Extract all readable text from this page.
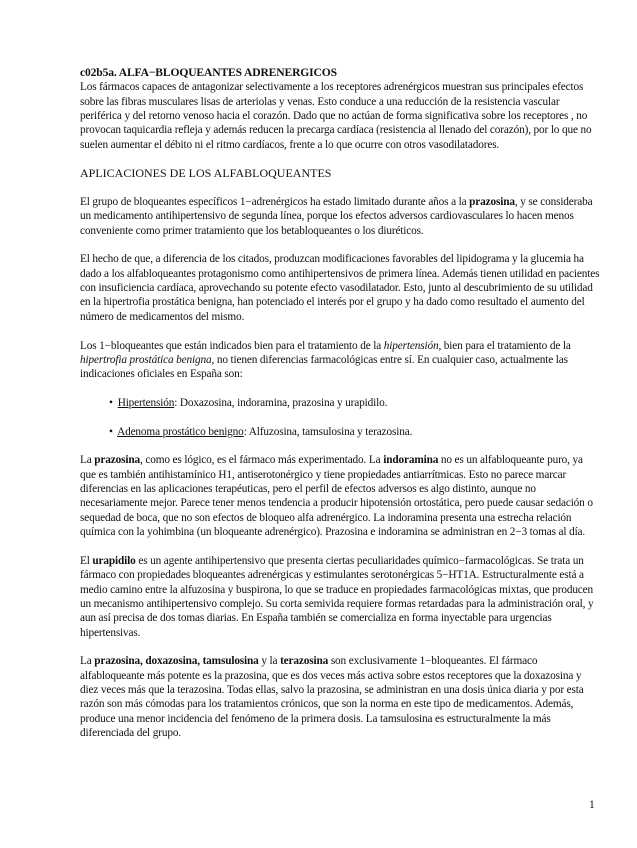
c02b5a. ALFA−BLOQUEANTES ADRENERGICOS

Los fármacos capaces de antagonizar selectivamente a los receptores adrenérgicos muestran sus principales efectos sobre las fibras musculares lisas de arteriolas y venas. Esto conduce a una reducción de la resistencia vascular periférica y del retorno venoso hacia el corazón. Dado que no actúan de forma significativa sobre los receptores , no provocan taquicardia refleja y además reducen la precarga cardíaca (resistencia al llenado del corazón), por lo que no suelen aumentar el débito ni el ritmo cardíacos, frente a lo que ocurre con otros vasodilatadores.

APLICACIONES DE LOS ALFABLOQUEANTES

El grupo de bloqueantes específicos 1−adrenérgicos ha estado limitado durante años a la prazosina, y se consideraba un medicamento antihipertensivo de segunda línea, porque los efectos adversos cardiovasculares lo hacen menos conveniente como primer tratamiento que los betabloqueantes o los diuréticos.

El hecho de que, a diferencia de los citados, produzcan modificaciones favorables del lipidograma y la glucemia ha dado a los alfabloqueantes protagonismo como antihipertensivos de primera línea. Además tienen utilidad en pacientes con insuficiencia cardíaca, aprovechando su potente efecto vasodilatador. Esto, junto al descubrimiento de su utilidad en la hipertrofia prostática benigna, han potenciado el interés por el grupo y ha dado como resultado el aumento del número de medicamentos del mismo.

Los 1−bloqueantes que están indicados bien para el tratamiento de la hipertensión, bien para el tratamiento de la hipertrofia prostática benigna, no tienen diferencias farmacológicas entre sí. En cualquier caso, actualmente las indicaciones oficiales en España son:

• Hipertensión: Doxazosina, indoramina, prazosina y urapidilo.
• Adenoma prostático benigno: Alfuzosina, tamsulosina y terazosina.

La prazosina, como es lógico, es el fármaco más experimentado. La indoramina no es un alfabloqueante puro, ya que es también antihistamínico H1, antiserotonérgico y tiene propiedades antiarrítmicas. Esto no parece marcar diferencias en las aplicaciones terapéuticas, pero el perfil de efectos adversos es algo distinto, aunque no necesariamente mejor. Parece tener menos tendencia a producir hipotensión ortostática, pero puede causar sedación o sequedad de boca, que no son efectos de bloqueo alfa adrenérgico. La indoramina presenta una estrecha relación química con la yohimbina (un bloqueante adrenérgico). Prazosina e indoramina se administran en 2−3 tomas al día.

El urapidilo es un agente antihipertensivo que presenta ciertas peculiaridades químico−farmacológicas. Se trata un fármaco con propiedades bloqueantes adrenérgicas y estimulantes serotonérgicas 5−HT1A. Estructuralmente está a medio camino entre la alfuzosina y buspirona, lo que se traduce en propiedades farmacológicas mixtas, que producen un mecanismo antihipertensivo complejo. Su corta semivida requiere formas retardadas para la administración oral, y aun así precisa de dos tomas diarias. En España también se comercializa en forma inyectable para urgencias hipertensivas.

La prazosina, doxazosina, tamsulosina y la terazosina son exclusivamente 1−bloqueantes. El fármaco alfabloqueante más potente es la prazosina, que es dos veces más activa sobre estos receptores que la doxazosina y diez veces más que la terazosina. Todas ellas, salvo la prazosina, se administran en una dosis única diaria y por esta razón son más cómodas para los tratamientos crónicos, que son la norma en este tipo de medicamentos. Además, produce una menor incidencia del fenómeno de la primera dosis. La tamsulosina es estructuralmente la más diferenciada del grupo.

1
